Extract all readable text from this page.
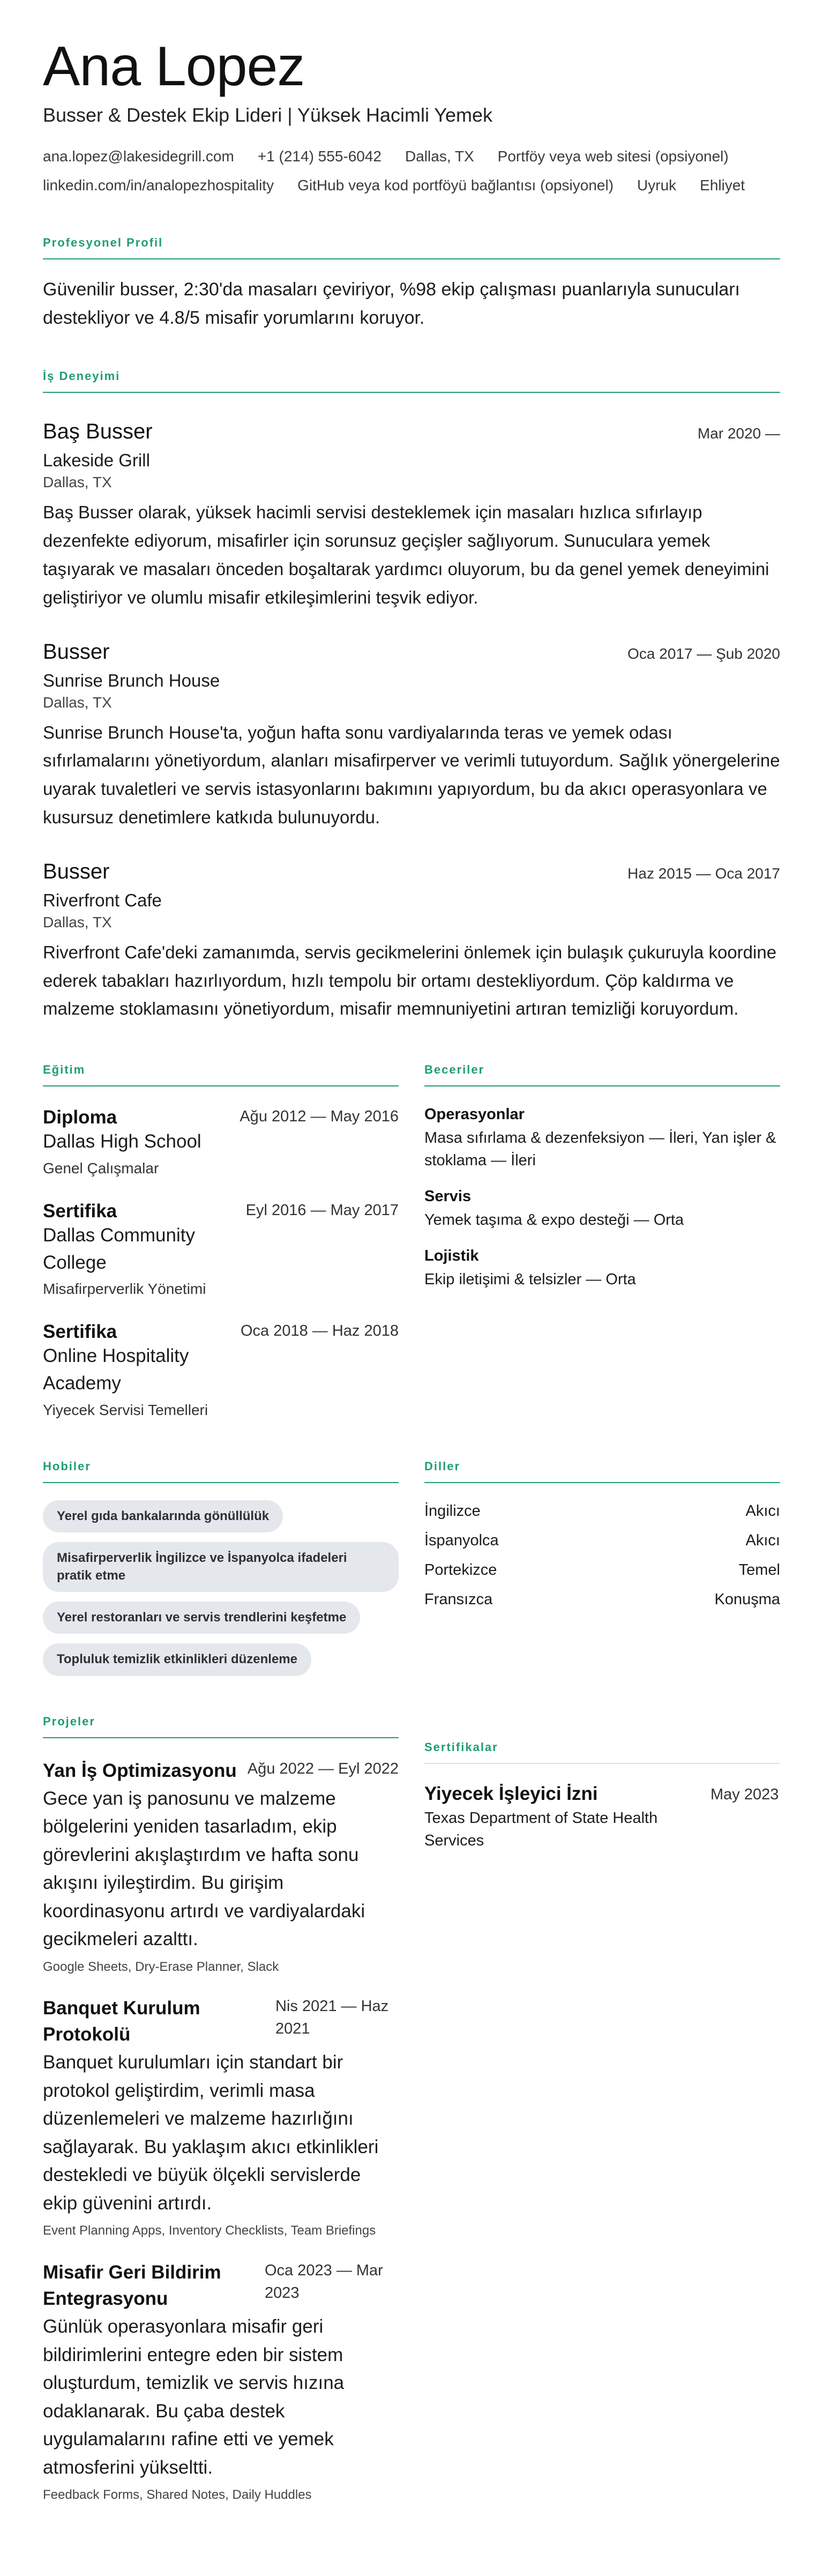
Ana Lopez
Busser & Destek Ekip Lideri | Yüksek Hacimli Yemek
ana.lopez@lakesidegrill.com +1 (214) 555-6042 Dallas, TX Portföy veya web sitesi (opsiyonel)
linkedin.com/in/analopezhospitality GitHub veya kod portföyü bağlantısı (opsiyonel) Uyruk Ehliyet
Profesyonel Profil
Güvenilir busser, 2:30'da masaları çeviriyor, %98 ekip çalışması puanlarıyla sunucuları destekliyor ve 4.8/5 misafir yorumlarını koruyor.
İş Deneyimi
Baş Busser	Mar 2020 —
Lakeside Grill
Dallas, TX
Baş Busser olarak, yüksek hacimli servisi desteklemek için masaları hızlıca sıfırlayıp dezenfekte ediyorum, misafirler için sorunsuz geçişler sağlıyorum. Sunuculara yemek taşıyarak ve masaları önceden boşaltarak yardımcı oluyorum, bu da genel yemek deneyimini geliştiriyor ve olumlu misafir etkileşimlerini teşvik ediyor.
Busser	Oca 2017 — Şub 2020
Sunrise Brunch House
Dallas, TX
Sunrise Brunch House'ta, yoğun hafta sonu vardiyalarında teras ve yemek odası sıfırlamalarını yönetiyordum, alanları misafirperver ve verimli tutuyordum. Sağlık yönergelerine uyarak tuvaletleri ve servis istasyonlarını bakımını yapıyordum, bu da akıcı operasyonlara ve kusursuz denetimlere katkıda bulunuyordu.
Busser	Haz 2015 — Oca 2017
Riverfront Cafe
Dallas, TX
Riverfront Cafe'deki zamanımda, servis gecikmelerini önlemek için bulaşık çukuruyla koordine ederek tabakları hazırlıyordum, hızlı tempolu bir ortamı destekliyordum. Çöp kaldırma ve malzeme stoklamasını yönetiyordum, misafir memnuniyetini artıran temizliği koruyordum.
Eğitim
Diploma	Ağu 2012 — May 2016
Dallas High School
Genel Çalışmalar
Sertifika	Eyl 2016 — May 2017
Dallas Community College
Misafirperverlik Yönetimi
Sertifika	Oca 2018 — Haz 2018
Online Hospitality Academy
Yiyecek Servisi Temelleri
Beceriler
Operasyonlar
Masa sıfırlama & dezenfeksiyon — İleri, Yan işler & stoklama — İleri
Servis
Yemek taşıma & expo desteği — Orta
Lojistik
Ekip iletişimi & telsizler — Orta
Hobiler
Yerel gıda bankalarında gönüllülük
Misafirperverlik İngilizce ve İspanyolca ifadeleri pratik etme
Yerel restoranları ve servis trendlerini keşfetme
Topluluk temizlik etkinlikleri düzenleme
Diller
İngilizce	Akıcı
İspanyolca	Akıcı
Portekizce	Temel
Fransızca	Konuşma
Projeler
Yan İş Optimizasyonu Ağu 2022 — Eyl 2022
Gece yan iş panosunu ve malzeme bölgelerini yeniden tasarladım, ekip görevlerini akışlaştırdım ve hafta sonu akışını iyileştirdim. Bu girişim koordinasyonu artırdı ve vardiyalardaki gecikmeleri azalttı.
Google Sheets, Dry-Erase Planner, Slack
Banquet Kurulum Protokolü
Nis 2021 — Haz 2021
Banquet kurulumları için standart bir protokol geliştirdim, verimli masa düzenlemeleri ve malzeme hazırlığını sağlayarak. Bu yaklaşım akıcı etkinlikleri destekledi ve büyük ölçekli servislerde ekip güvenini artırdı.
Event Planning Apps, Inventory Checklists, Team Briefings
Misafir Geri Bildirim Entegrasyonu
Oca 2023 — Mar 2023
Günlük operasyonlara misafir geri bildirimlerini entegre eden bir sistem oluşturdum, temizlik ve servis hızına odaklanarak. Bu çaba destek uygulamalarını rafine etti ve yemek atmosferini yükseltti.
Feedback Forms, Shared Notes, Daily Huddles
Sertifikalar
Yiyecek İşleyici İzni
Texas Department of State Health Services
May 2023
